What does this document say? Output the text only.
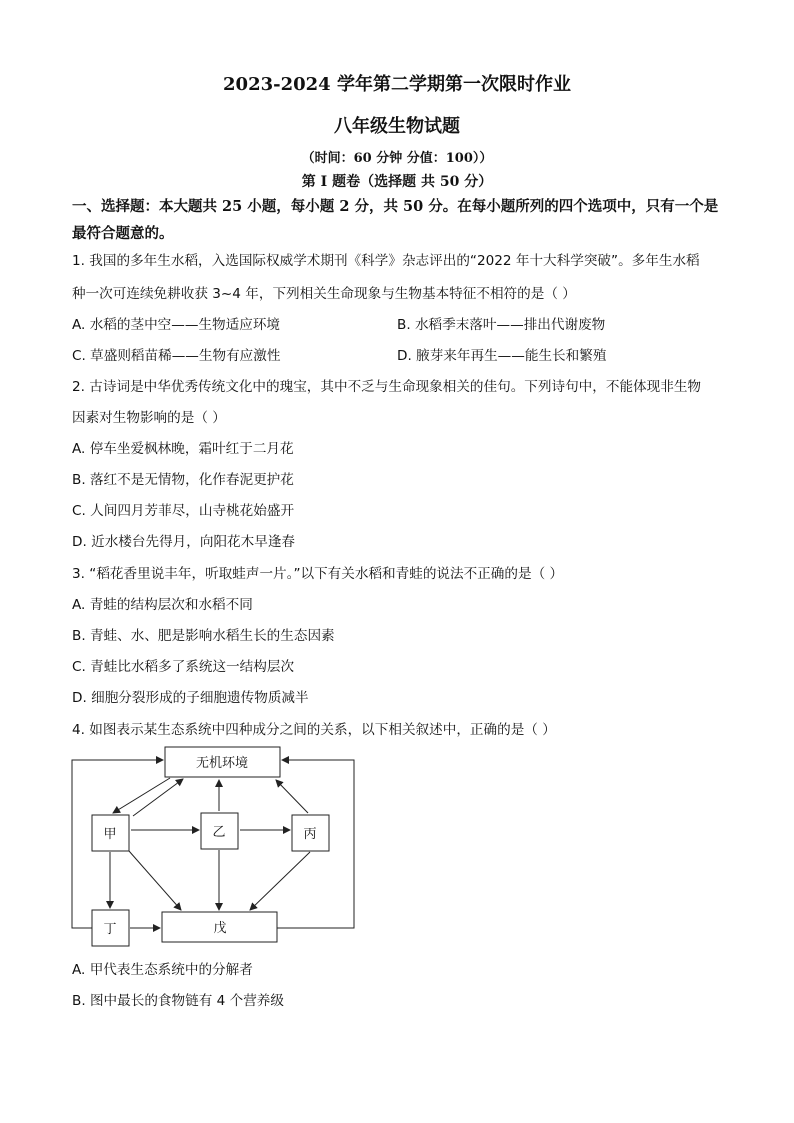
2023-2024 学年第二学期第一次限时作业
八年级生物试题
（时间：60 分钟 分值：100））
第 I 题卷（选择题 共 50 分）
一、选择题：本大题共 25 小题，每小题 2 分，共 50 分。在每小题所列的四个选项中，只有一个是最符合题意的。
1. 我国的多年生水稻，入选国际权威学术期刊《科学》杂志评出的“2022 年十大科学突破”。多年生水稻
种一次可连续免耕收获 3~4 年，下列相关生命现象与生物基本特征不相符的是（ ）
A. 水稻的茎中空——生物适应环境	B. 水稻季末落叶——排出代谢废物
C. 草盛则稻苗稀——生物有应激性	D. 腋芽来年再生——能生长和繁殖
2. 古诗词是中华优秀传统文化中的瑰宝，其中不乏与生命现象相关的佳句。下列诗句中，不能体现非生物
因素对生物影响的是（ ）
A. 停车坐爱枫林晚，霜叶红于二月花
B. 落红不是无情物，化作春泥更护花
C. 人间四月芳菲尽，山寺桃花始盛开
D. 近水楼台先得月，向阳花木早逢春
3. “稻花香里说丰年，听取蛙声一片。”以下有关水稻和青蛙的说法不正确的是（ ）
A. 青蛙的结构层次和水稻不同
B. 青蛙、水、肥是影响水稻生长的生态因素
C. 青蛙比水稻多了系统这一结构层次
D. 细胞分裂形成的子细胞遗传物质减半
4. 如图表示某生态系统中四种成分之间的关系，以下相关叙述中，正确的是（ ）
无机环境
甲	乙	丙
丁	戊
A. 甲代表生态系统中的分解者
B. 图中最长的食物链有 4 个营养级
